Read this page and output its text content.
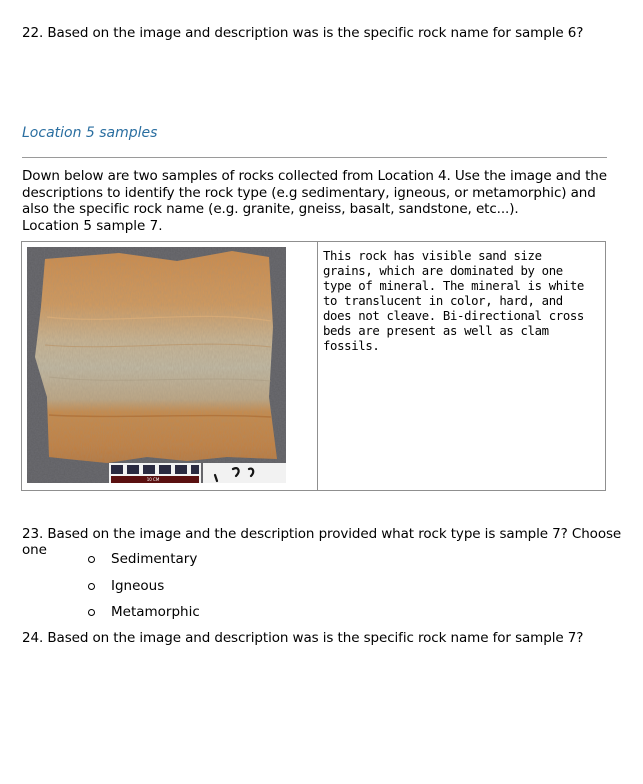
22. Based on the image and description was is the specific rock name for sample 6?
Location 5 samples
Down below are two samples of rocks collected from Location 4. Use the image and the descriptions to identify the rock type (e.g sedimentary, igneous, or metamorphic) and also the specific rock name (e.g. granite, gneiss, basalt, sandstone, etc...).
Location 5 sample 7.
10 CM
This rock has visible sand size grains, which are dominated by one type of mineral. The mineral is white to translucent in color, hard, and does not cleave. Bi-directional cross beds are present as well as clam fossils.
23. Based on the image and the description provided what rock type is sample 7? Choose one
Sedimentary
Igneous
Metamorphic
24. Based on the image and description was is the specific rock name for sample 7?
